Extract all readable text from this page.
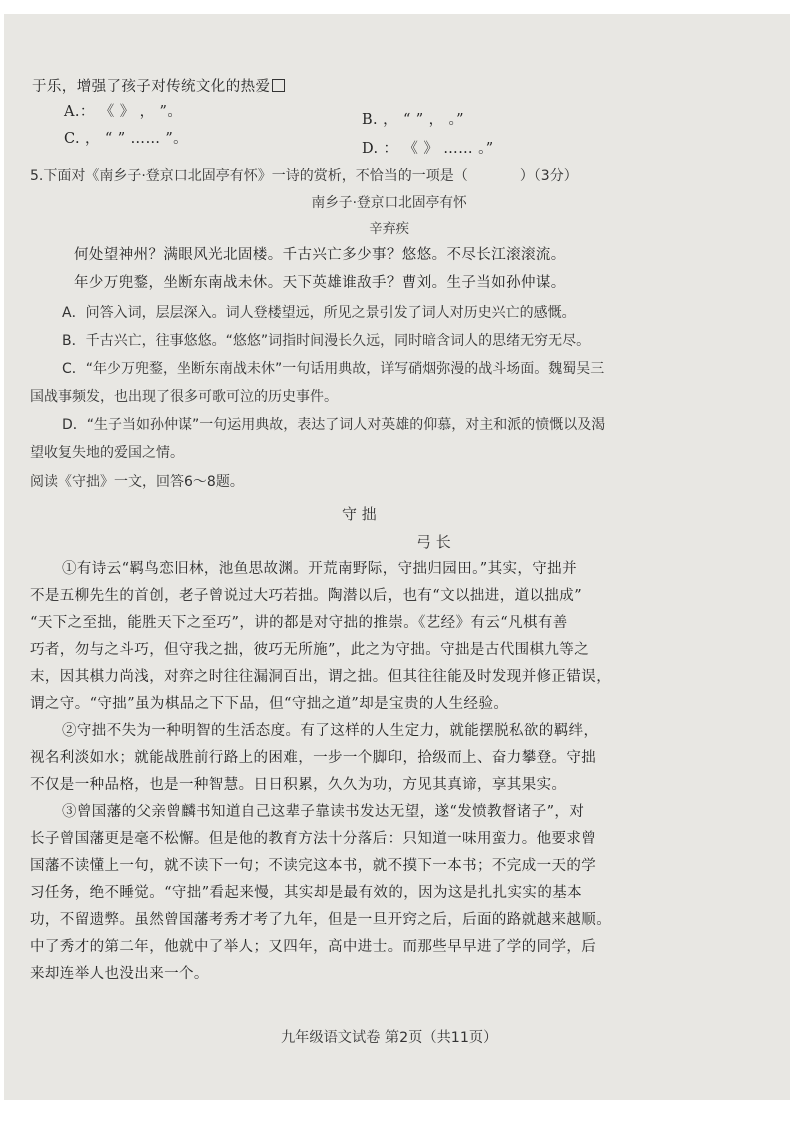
于乐，增强了孩子对传统文化的热爱
A.： 《 》 ， ”。	B. ， “ ” ， 。”
C. ， “ ” …… ”。
D. ： 《 》 …… 。”
5.下面对《南乡子·登京口北固亭有怀》一诗的赏析，不恰当的一项是（	）（3分）
南乡子·登京口北固亭有怀
辛弃疾
何处望神州？满眼风光北固楼。千古兴亡多少事？悠悠。不尽长江滚滚流。
年少万兜鍪，坐断东南战未休。天下英雄谁敌手？曹刘。生子当如孙仲谋。
A．问答入词，层层深入。词人登楼望远，所见之景引发了词人对历史兴亡的感慨。
B．千古兴亡，往事悠悠。“悠悠”词指时间漫长久远，同时暗含词人的思绪无穷无尽。
C．“年少万兜鍪，坐断东南战未休”一句话用典故，详写硝烟弥漫的战斗场面。魏蜀吴三
国战事频发，也出现了很多可歌可泣的历史事件。
D．“生子当如孙仲谋”一句运用典故，表达了词人对英雄的仰慕，对主和派的愤慨以及渴
望收复失地的爱国之情。
阅读《守拙》一文，回答6～8题。
守 拙
弓 长
①有诗云“羁鸟恋旧林，池鱼思故渊。开荒南野际，守拙归园田。”其实，守拙并
不是五柳先生的首创，老子曾说过大巧若拙。陶潜以后，也有“文以拙进，道以拙成”
“天下之至拙，能胜天下之至巧”，讲的都是对守拙的推崇。《艺经》有云“凡棋有善
巧者，勿与之斗巧，但守我之拙，彼巧无所施”，此之为守拙。守拙是古代围棋九等之
末，因其棋力尚浅，对弈之时往往漏洞百出，谓之拙。但其往往能及时发现并修正错误，
谓之守。“守拙”虽为棋品之下下品，但“守拙之道”却是宝贵的人生经验。
②守拙不失为一种明智的生活态度。有了这样的人生定力，就能摆脱私欲的羁绊，
视名利淡如水；就能战胜前行路上的困难，一步一个脚印，拾级而上、奋力攀登。守拙
不仅是一种品格，也是一种智慧。日日积累，久久为功，方见其真谛，享其果实。
③曾国藩的父亲曾麟书知道自己这辈子靠读书发达无望，遂“发愤教督诸子”，对
长子曾国藩更是毫不松懈。但是他的教育方法十分落后：只知道一味用蛮力。他要求曾
国藩不读懂上一句，就不读下一句；不读完这本书，就不摸下一本书；不完成一天的学
习任务，绝不睡觉。“守拙”看起来慢，其实却是最有效的，因为这是扎扎实实的基本
功，不留遗弊。虽然曾国藩考秀才考了九年，但是一旦开窍之后，后面的路就越来越顺。
中了秀才的第二年，他就中了举人；又四年，高中进士。而那些早早进了学的同学，后
来却连举人也没出来一个。
九年级语文试卷 第2页（共11页）
